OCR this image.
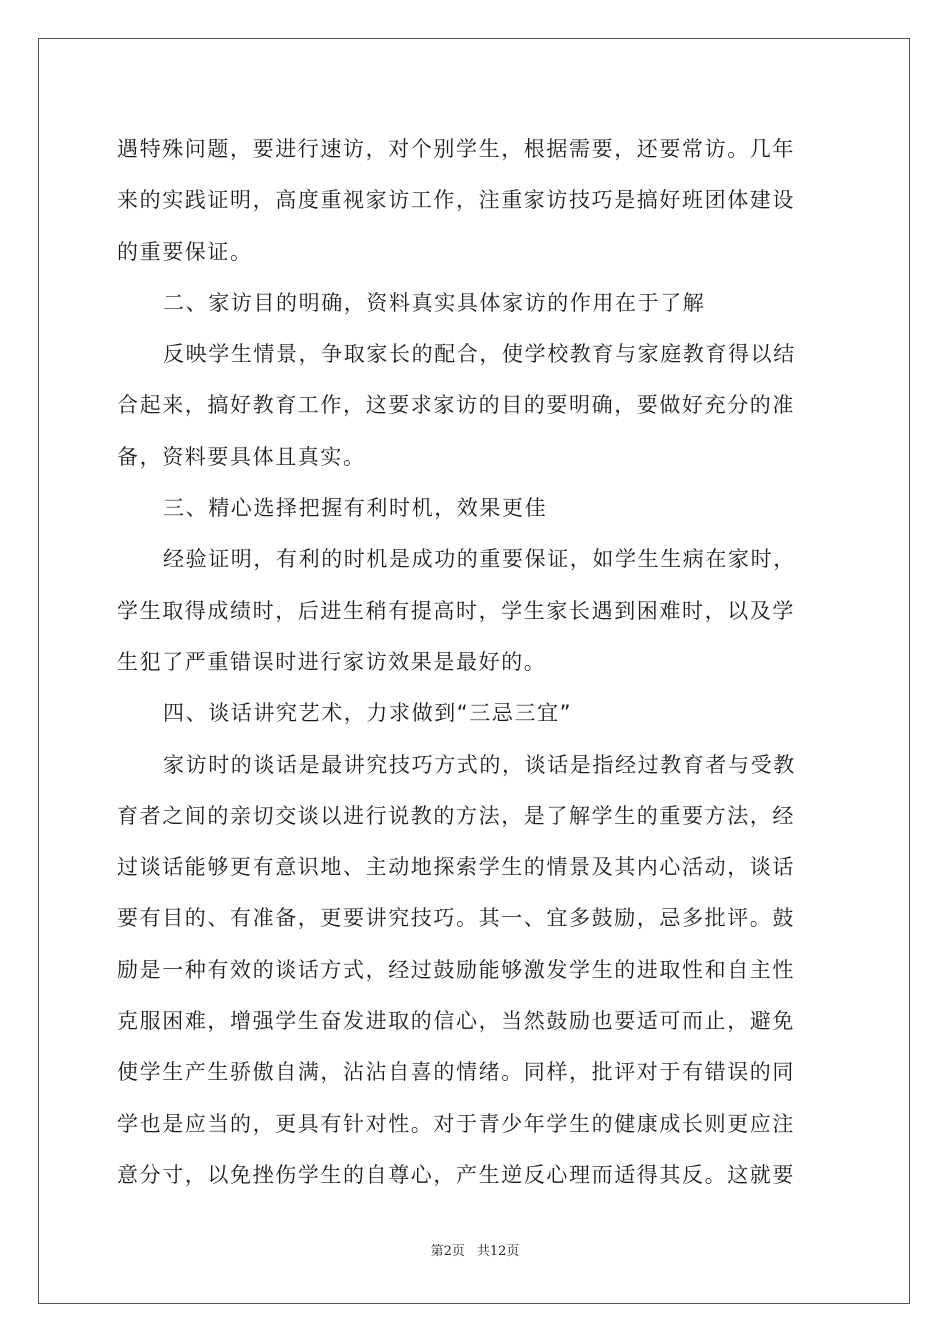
遇特殊问题，要进行速访，对个别学生，根据需要，还要常访。几年
来的实践证明，高度重视家访工作，注重家访技巧是搞好班团体建设
的重要保证。
二、家访目的明确，资料真实具体家访的作用在于了解
反映学生情景，争取家长的配合，使学校教育与家庭教育得以结
合起来，搞好教育工作，这要求家访的目的要明确，要做好充分的准
备，资料要具体且真实。
三、精心选择把握有利时机，效果更佳
经验证明，有利的时机是成功的重要保证，如学生生病在家时，
学生取得成绩时，后进生稍有提高时，学生家长遇到困难时，以及学
生犯了严重错误时进行家访效果是最好的。
四、谈话讲究艺术，力求做到“三忌三宜”
家访时的谈话是最讲究技巧方式的，谈话是指经过教育者与受教
育者之间的亲切交谈以进行说教的方法，是了解学生的重要方法，经
过谈话能够更有意识地、主动地探索学生的情景及其内心活动，谈话
要有目的、有准备，更要讲究技巧。其一、宜多鼓励，忌多批评。鼓
励是一种有效的谈话方式，经过鼓励能够激发学生的进取性和自主性
克服困难，增强学生奋发进取的信心，当然鼓励也要适可而止，避免
使学生产生骄傲自满，沾沾自喜的情绪。同样，批评对于有错误的同
学也是应当的，更具有针对性。对于青少年学生的健康成长则更应注
意分寸，以免挫伤学生的自尊心，产生逆反心理而适得其反。这就要
第2页 共12页
